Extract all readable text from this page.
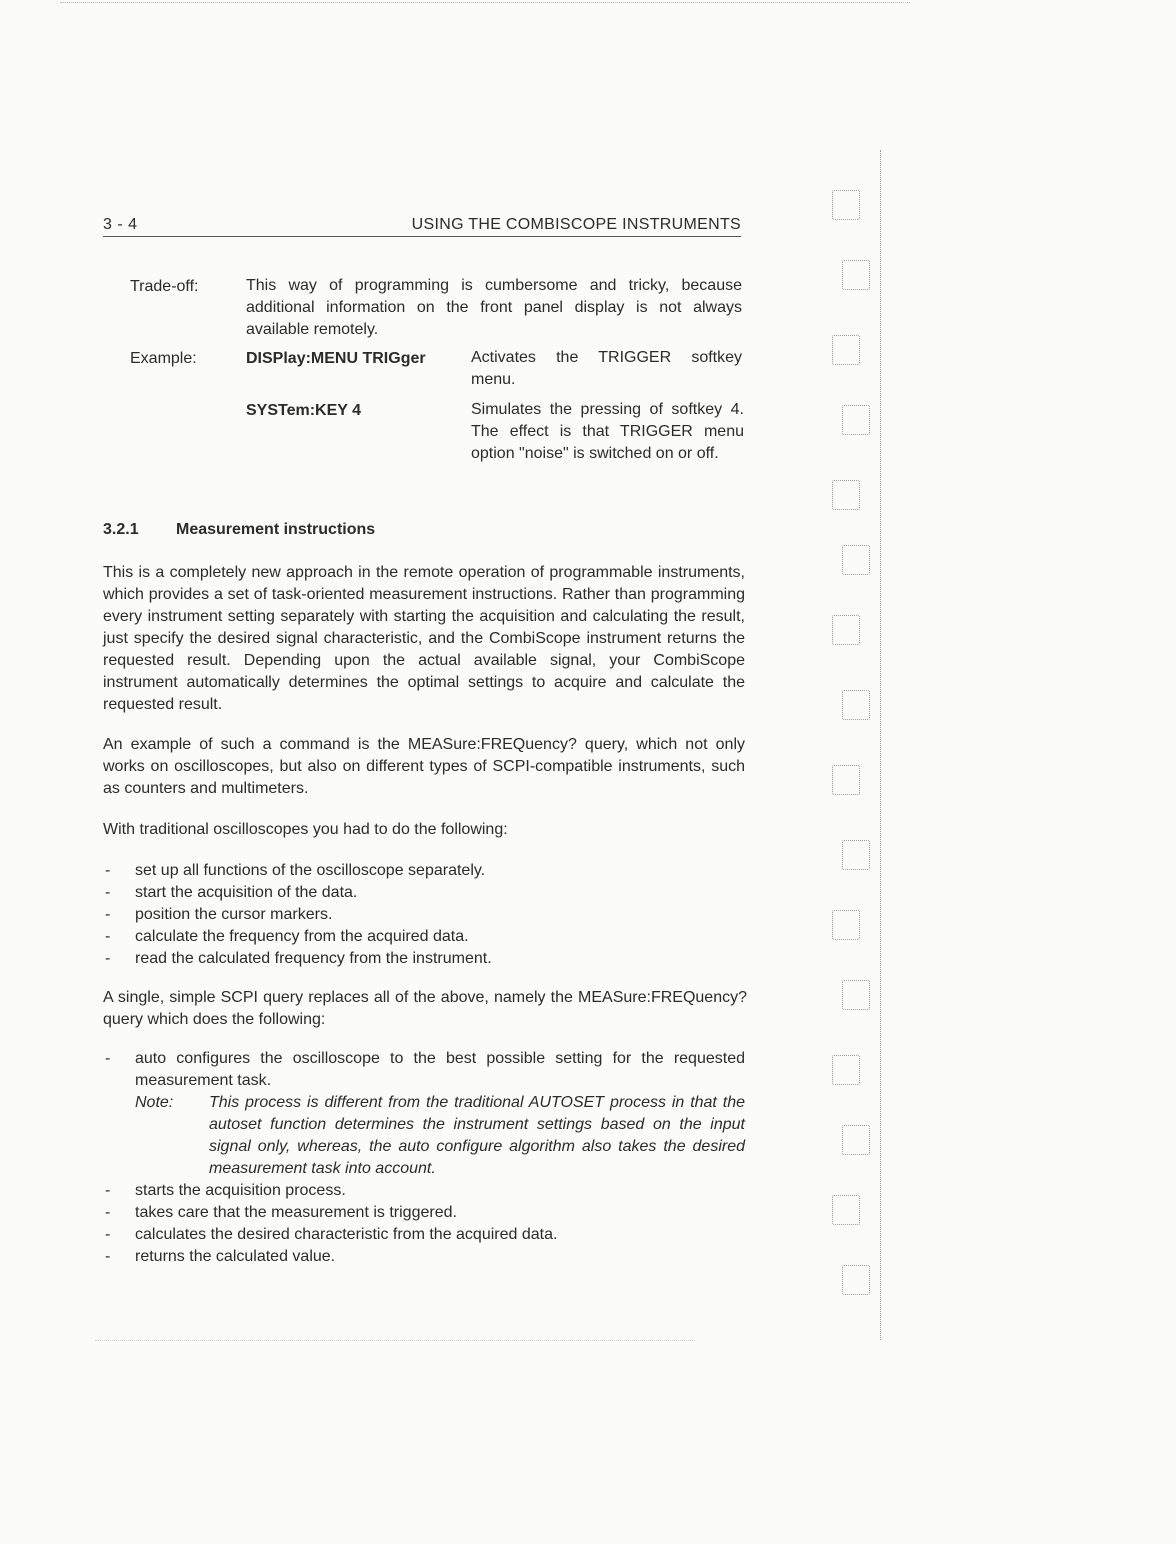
3 - 4	USING THE COMBISCOPE INSTRUMENTS
Trade-off:	This way of programming is cumbersome and tricky, because additional information on the front panel display is not always available remotely.
Example:	DISPlay:MENU TRIGger	Activates the TRIGGER softkey menu.
SYSTem:KEY 4	Simulates the pressing of softkey 4. The effect is that TRIGGER menu option "noise" is switched on or off.
3.2.1 Measurement instructions
This is a completely new approach in the remote operation of programmable instruments, which provides a set of task-oriented measurement instructions. Rather than programming every instrument setting separately with starting the acquisition and calculating the result, just specify the desired signal characteristic, and the CombiScope instrument returns the requested result. Depending upon the actual available signal, your CombiScope instrument automatically determines the optimal settings to acquire and calculate the requested result.
An example of such a command is the MEASure:FREQuency? query, which not only works on oscilloscopes, but also on different types of SCPI-compatible instruments, such as counters and multimeters.
With traditional oscilloscopes you had to do the following:
- set up all functions of the oscilloscope separately.
- start the acquisition of the data.
- position the cursor markers.
- calculate the frequency from the acquired data.
- read the calculated frequency from the instrument.
A single, simple SCPI query replaces all of the above, namely the MEASure:FREQuency? query which does the following:
- auto configures the oscilloscope to the best possible setting for the requested measurement task.
Note: This process is different from the traditional AUTOSET process in that the autoset function determines the instrument settings based on the input signal only, whereas, the auto configure algorithm also takes the desired measurement task into account.
- starts the acquisition process.
- takes care that the measurement is triggered.
- calculates the desired characteristic from the acquired data.
- returns the calculated value.
